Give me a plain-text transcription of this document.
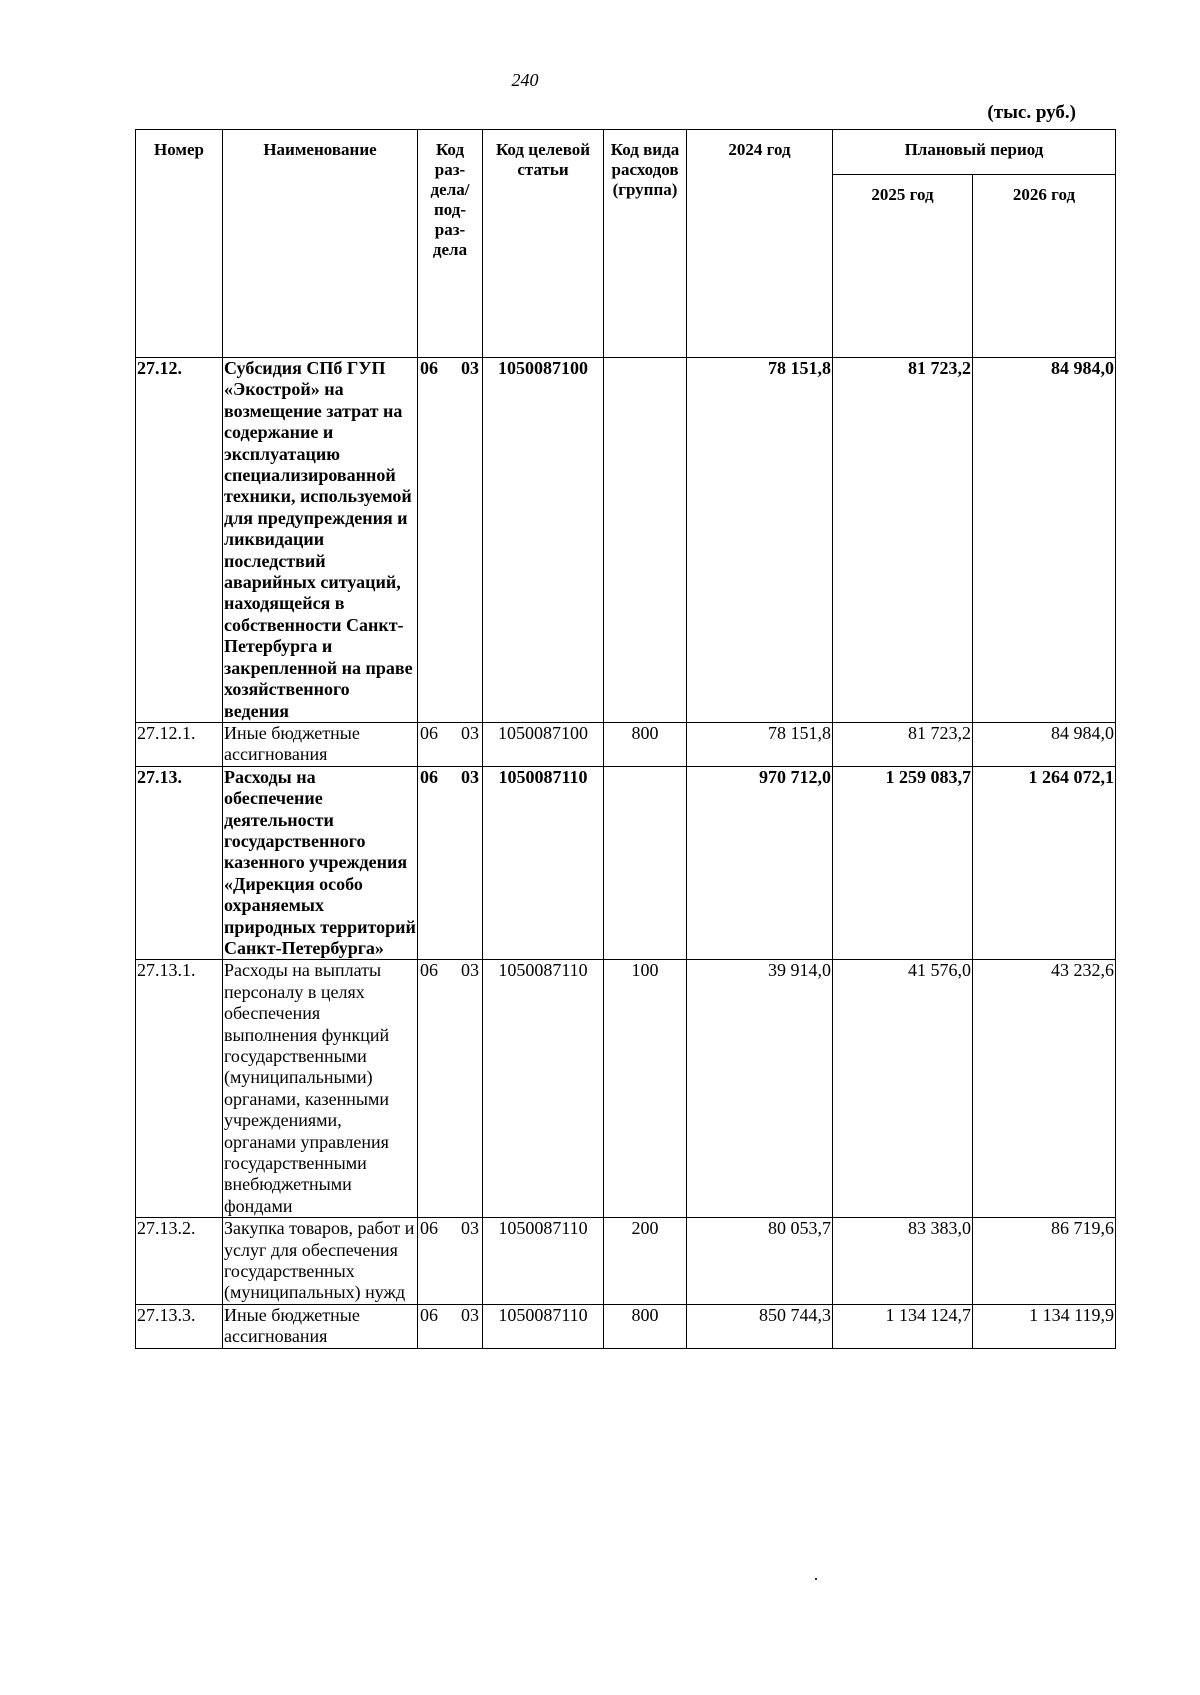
240
(тыс. руб.)
Номер	Наименование	Код раз-дела/ под-раз-дела	Код целевой статьи	Код вида расходов (группа)	2024 год	Плановый период	
						2025 год	2026 год
27.12.	Субсидия СПб ГУП «Экострой» на возмещение затрат на содержание и эксплуатацию специализированной техники, используемой для предупреждения и ликвидации последствий аварийных ситуаций, находящейся в собственности Санкт-Петербурга и закрепленной на праве хозяйственного ведения	06 03	1050087100		78 151,8	81 723,2	84 984,0
27.12.1.	Иные бюджетные ассигнования	06 03	1050087100	800	78 151,8	81 723,2	84 984,0
27.13.	Расходы на обеспечение деятельности государственного казенного учреждения «Дирекция особо охраняемых природных территорий Санкт-Петербурга»	06 03	1050087110		970 712,0	1 259 083,7	1 264 072,1
27.13.1.	Расходы на выплаты персоналу в целях обеспечения выполнения функций государственными (муниципальными) органами, казенными учреждениями, органами управления государственными внебюджетными фондами	06 03	1050087110	100	39 914,0	41 576,0	43 232,6
27.13.2.	Закупка товаров, работ и услуг для обеспечения государственных (муниципальных) нужд	06 03	1050087110	200	80 053,7	83 383,0	86 719,6
27.13.3.	Иные бюджетные ассигнования	06 03	1050087110	800	850 744,3	1 134 124,7	1 134 119,9
